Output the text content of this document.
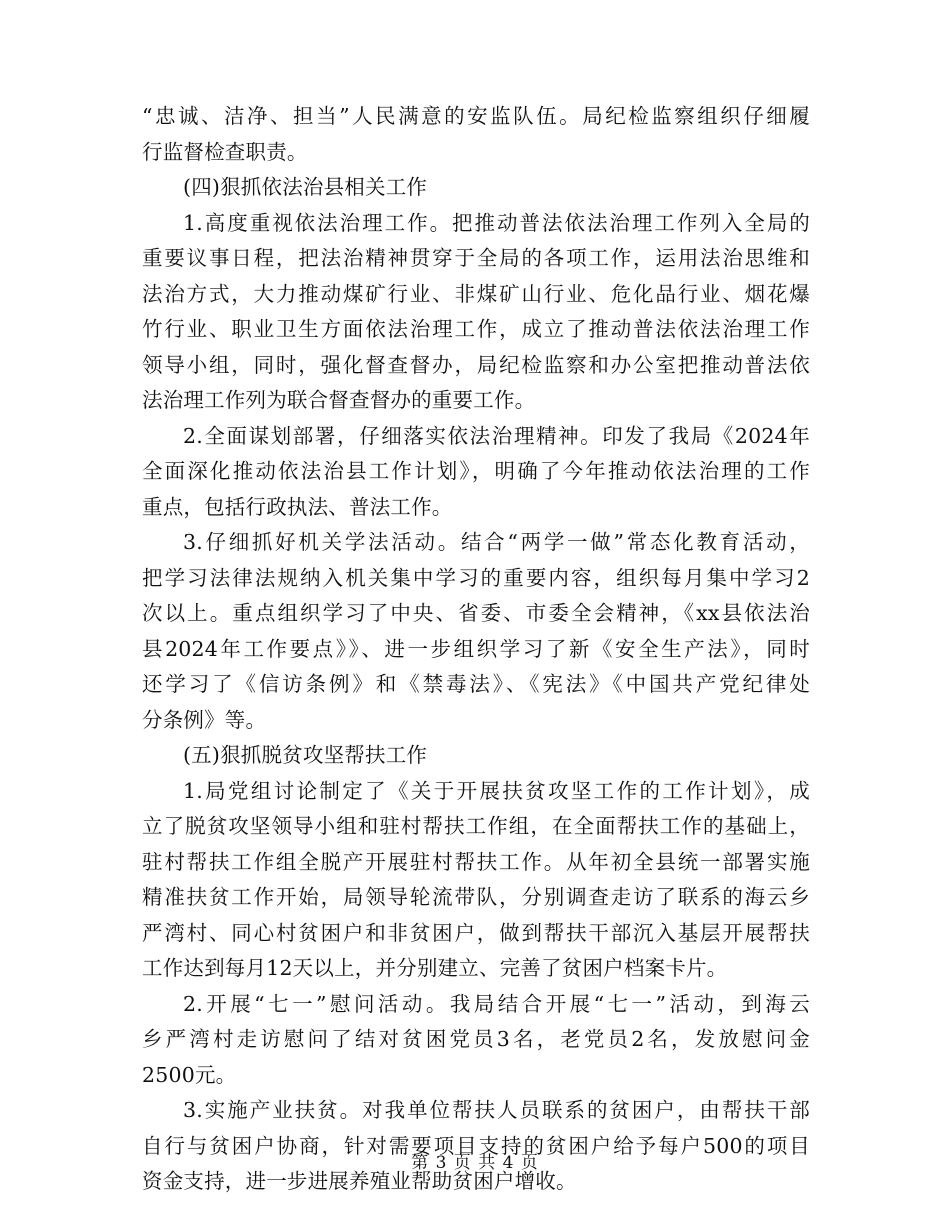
“忠诚、洁净、担当”人民满意的安监队伍。局纪检监察组织仔细履
行监督检查职责。

(四)狠抓依法治县相关工作

1.高度重视依法治理工作。把推动普法依法治理工作列入全局的
重要议事日程，把法治精神贯穿于全局的各项工作，运用法治思维和
法治方式，大力推动煤矿行业、非煤矿山行业、危化品行业、烟花爆
竹行业、职业卫生方面依法治理工作，成立了推动普法依法治理工作
领导小组，同时，强化督查督办，局纪检监察和办公室把推动普法依
法治理工作列为联合督查督办的重要工作。

2.全面谋划部署，仔细落实依法治理精神。印发了我局《2024年
全面深化推动依法治县工作计划》，明确了今年推动依法治理的工作
重点，包括行政执法、普法工作。

3.仔细抓好机关学法活动。结合“两学一做”常态化教育活动，
把学习法律法规纳入机关集中学习的重要内容，组织每月集中学习2
次以上。重点组织学习了中央、省委、市委全会精神，《xx县依法治
县2024年工作要点》》、进一步组织学习了新《安全生产法》，同时
还学习了《信访条例》和《禁毒法》、《宪法》《中国共产党纪律处
分条例》等。

(五)狠抓脱贫攻坚帮扶工作

1.局党组讨论制定了《关于开展扶贫攻坚工作的工作计划》，成
立了脱贫攻坚领导小组和驻村帮扶工作组，在全面帮扶工作的基础上，
驻村帮扶工作组全脱产开展驻村帮扶工作。从年初全县统一部署实施
精准扶贫工作开始，局领导轮流带队，分别调查走访了联系的海云乡
严湾村、同心村贫困户和非贫困户，做到帮扶干部沉入基层开展帮扶
工作达到每月12天以上，并分别建立、完善了贫困户档案卡片。

2.开展“七一”慰问活动。我局结合开展“七一”活动，到海云
乡严湾村走访慰问了结对贫困党员3名，老党员2名，发放慰问金
2500元。

3.实施产业扶贫。对我单位帮扶人员联系的贫困户，由帮扶干部
自行与贫困户协商，针对需要项目支持的贫困户给予每户500的项目
资金支持，进一步进展养殖业帮助贫困户增收。

第 3 页 共 4 页
